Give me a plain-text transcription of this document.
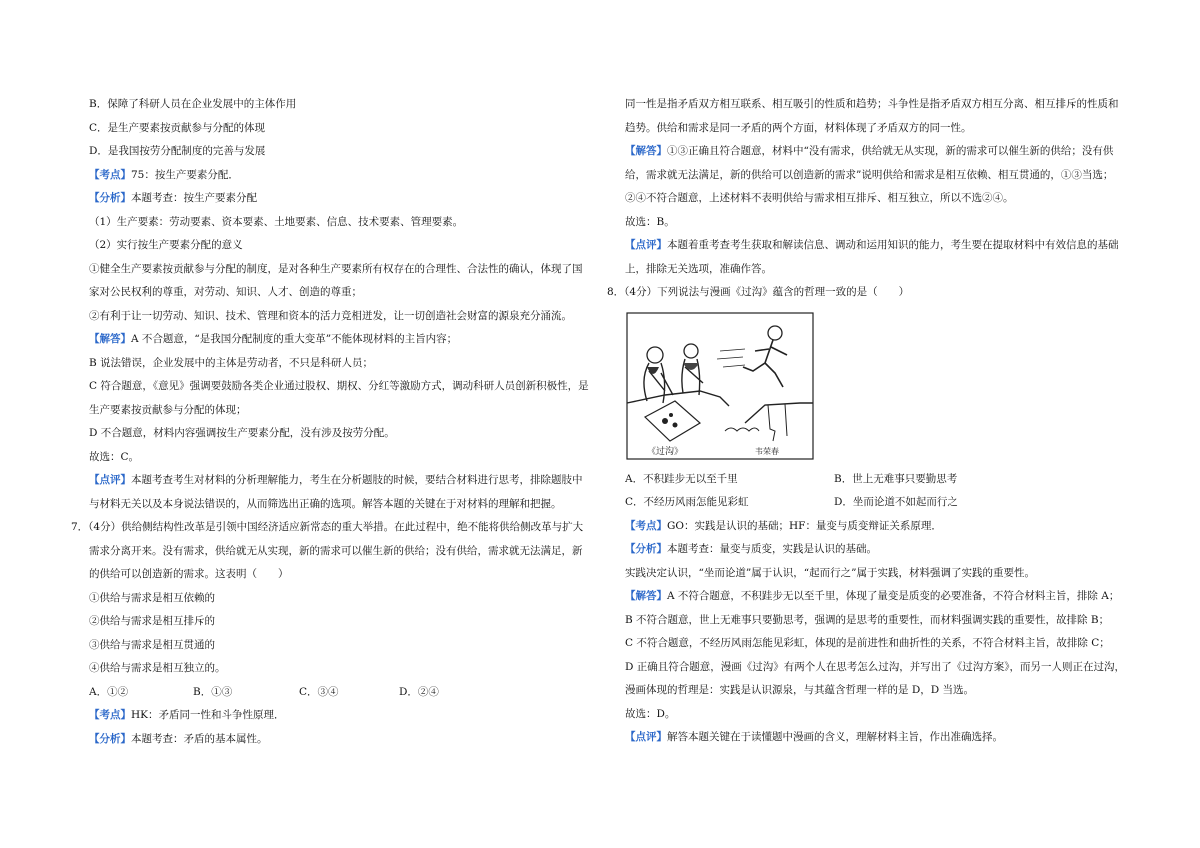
B．保障了科研人员在企业发展中的主体作用
C．是生产要素按贡献参与分配的体现
D．是我国按劳分配制度的完善与发展
【考点】75：按生产要素分配．
【分析】本题考查：按生产要素分配
（1）生产要素：劳动要素、资本要素、土地要素、信息、技术要素、管理要素。
（2）实行按生产要素分配的意义
①健全生产要素按贡献参与分配的制度，是对各种生产要素所有权存在的合理性、合法性的确认，体现了国
家对公民权利的尊重，对劳动、知识、人才、创造的尊重；
②有利于让一切劳动、知识、技术、管理和资本的活力竞相迸发，让一切创造社会财富的源泉充分涌流。
【解答】A 不合题意，“是我国分配制度的重大变革”不能体现材料的主旨内容；
B 说法错误，企业发展中的主体是劳动者，不只是科研人员；
C 符合题意，《意见》强调要鼓励各类企业通过股权、期权、分红等激励方式，调动科研人员创新积极性，是
生产要素按贡献参与分配的体现；
D 不合题意，材料内容强调按生产要素分配，没有涉及按劳分配。
故选：C。
【点评】本题考查考生对材料的分析理解能力，考生在分析题肢的时候，要结合材料进行思考，排除题肢中
与材料无关以及本身说法错误的，从而筛选出正确的选项。解答本题的关键在于对材料的理解和把握。
7．（4分）供给侧结构性改革是引领中国经济适应新常态的重大举措。在此过程中，绝不能将供给侧改革与扩大
需求分离开来。没有需求，供给就无从实现，新的需求可以催生新的供给；没有供给，需求就无法满足，新
的供给可以创造新的需求。这表明（　　）
①供给与需求是相互依赖的
②供给与需求是相互排斥的
③供给与需求是相互贯通的
④供给与需求是相互独立的。
A．①②	B．①③	C．③④	D．②④
【考点】HK：矛盾同一性和斗争性原理．
【分析】本题考查：矛盾的基本属性。
同一性是指矛盾双方相互联系、相互吸引的性质和趋势；斗争性是指矛盾双方相互分离、相互排斥的性质和
趋势。供给和需求是同一矛盾的两个方面，材料体现了矛盾双方的同一性。
【解答】①③正确且符合题意，材料中“没有需求，供给就无从实现，新的需求可以催生新的供给；没有供
给，需求就无法满足，新的供给可以创造新的需求”说明供给和需求是相互依赖、相互贯通的，①③当选；
②④不符合题意，上述材料不表明供给与需求相互排斥、相互独立，所以不选②④。
故选：B。
【点评】本题着重考查考生获取和解读信息、调动和运用知识的能力，考生要在提取材料中有效信息的基础
上，排除无关选项，准确作答。
8．（4分）下列说法与漫画《过沟》蕴含的哲理一致的是（　　）
《过沟》	韦荣春
A．不积跬步无以至千里	B．世上无难事只要勤思考
C．不经历风雨怎能见彩虹	D．坐而论道不如起而行之
【考点】GO：实践是认识的基础；HF：量变与质变辩证关系原理．
【分析】本题考查：量变与质变，实践是认识的基础。
实践决定认识，“坐而论道”属于认识，“起而行之”属于实践，材料强调了实践的重要性。
【解答】A 不符合题意，不积跬步无以至千里，体现了量变是质变的必要准备，不符合材料主旨，排除 A；
B 不符合题意，世上无难事只要勤思考，强调的是思考的重要性，而材料强调实践的重要性，故排除 B；
C 不符合题意，不经历风雨怎能见彩虹，体现的是前进性和曲折性的关系，不符合材料主旨，故排除 C；
D 正确且符合题意，漫画《过沟》有两个人在思考怎么过沟，并写出了《过沟方案》，而另一人则正在过沟，
漫画体现的哲理是：实践是认识源泉，与其蕴含哲理一样的是 D，D 当选。
故选：D。
【点评】解答本题关键在于读懂题中漫画的含义，理解材料主旨，作出准确选择。
